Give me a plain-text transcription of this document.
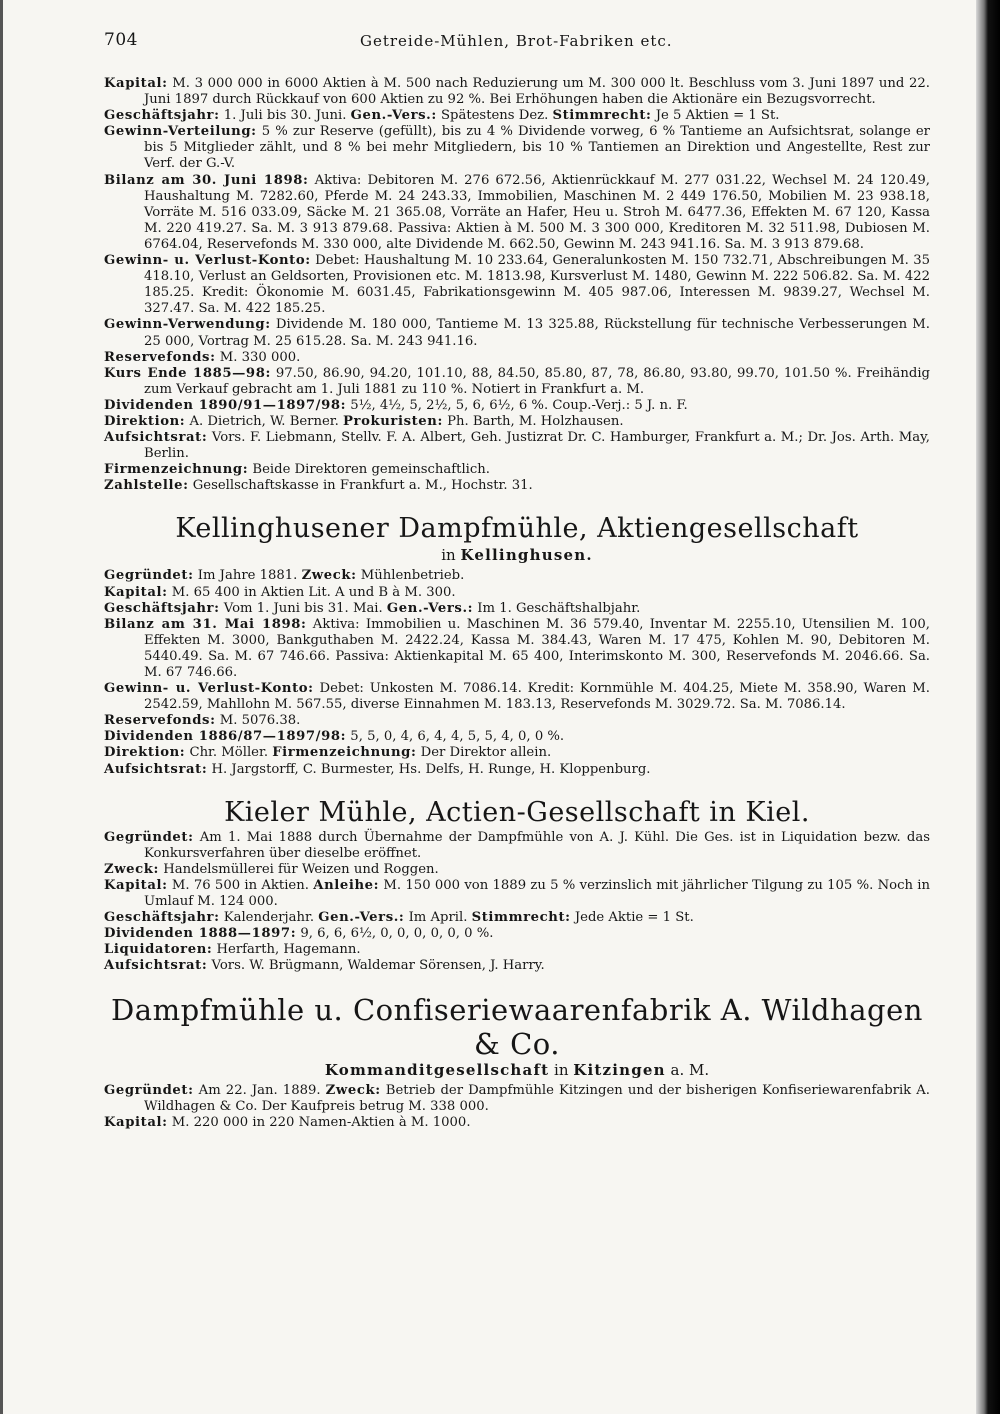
704	Getreide-Mühlen, Brot-Fabriken etc.

Kapital: M. 3 000 000 in 6000 Aktien à M. 500 nach Reduzierung um M. 300 000 lt. Beschluss vom 3. Juni 1897 und 22. Juni 1897 durch Rückkauf von 600 Aktien zu 92 %. Bei Erhöhungen haben die Aktionäre ein Bezugsvorrecht.

Geschäftsjahr: 1. Juli bis 30. Juni. Gen.-Vers.: Spätestens Dez. Stimmrecht: Je 5 Aktien = 1 St.

Gewinn-Verteilung: 5 % zur Reserve (gefüllt), bis zu 4 % Dividende vorweg, 6 % Tantieme an Aufsichtsrat, solange er bis 5 Mitglieder zählt, und 8 % bei mehr Mitgliedern, bis 10 % Tantiemen an Direktion und Angestellte, Rest zur Verf. der G.-V.

Bilanz am 30. Juni 1898: Aktiva: Debitoren M. 276 672.56, Aktienrückkauf M. 277 031.22, Wechsel M. 24 120.49, Haushaltung M. 7282.60, Pferde M. 24 243.33, Immobilien, Maschinen M. 2 449 176.50, Mobilien M. 23 938.18, Vorräte M. 516 033.09, Säcke M. 21 365.08, Vorräte an Hafer, Heu u. Stroh M. 6477.36, Effekten M. 67 120, Kassa M. 220 419.27. Sa. M. 3 913 879.68. Passiva: Aktien à M. 500 M. 3 300 000, Kreditoren M. 32 511.98, Dubiosen M. 6764.04, Reservefonds M. 330 000, alte Dividende M. 662.50, Gewinn M. 243 941.16. Sa. M. 3 913 879.68.

Gewinn- u. Verlust-Konto: Debet: Haushaltung M. 10 233.64, Generalunkosten M. 150 732.71, Abschreibungen M. 35 418.10, Verlust an Geldsorten, Provisionen etc. M. 1813.98, Kursverlust M. 1480, Gewinn M. 222 506.82. Sa. M. 422 185.25. Kredit: Ökonomie M. 6031.45, Fabrikationsgewinn M. 405 987.06, Interessen M. 9839.27, Wechsel M. 327.47. Sa. M. 422 185.25.

Gewinn-Verwendung: Dividende M. 180 000, Tantieme M. 13 325.88, Rückstellung für technische Verbesserungen M. 25 000, Vortrag M. 25 615.28. Sa. M. 243 941.16.

Reservefonds: M. 330 000.

Kurs Ende 1885—98: 97.50, 86.90, 94.20, 101.10, 88, 84.50, 85.80, 87, 78, 86.80, 93.80, 99.70, 101.50 %. Freihändig zum Verkauf gebracht am 1. Juli 1881 zu 110 %. Notiert in Frankfurt a. M.

Dividenden 1890/91—1897/98: 5½, 4½, 5, 2½, 5, 6, 6½, 6 %. Coup.-Verj.: 5 J. n. F.

Direktion: A. Dietrich, W. Berner. Prokuristen: Ph. Barth, M. Holzhausen.

Aufsichtsrat: Vors. F. Liebmann, Stellv. F. A. Albert, Geh. Justizrat Dr. C. Hamburger, Frankfurt a. M.; Dr. Jos. Arth. May, Berlin.

Firmenzeichnung: Beide Direktoren gemeinschaftlich.

Zahlstelle: Gesellschaftskasse in Frankfurt a. M., Hochstr. 31.

Kellinghusener Dampfmühle, Aktiengesellschaft
in Kellinghusen.

Gegründet: Im Jahre 1881. Zweck: Mühlenbetrieb.

Kapital: M. 65 400 in Aktien Lit. A und B à M. 300.

Geschäftsjahr: Vom 1. Juni bis 31. Mai. Gen.-Vers.: Im 1. Geschäftshalbjahr.

Bilanz am 31. Mai 1898: Aktiva: Immobilien u. Maschinen M. 36 579.40, Inventar M. 2255.10, Utensilien M. 100, Effekten M. 3000, Bankguthaben M. 2422.24, Kassa M. 384.43, Waren M. 17 475, Kohlen M. 90, Debitoren M. 5440.49. Sa. M. 67 746.66. Passiva: Aktienkapital M. 65 400, Interimskonto M. 300, Reservefonds M. 2046.66. Sa. M. 67 746.66.

Gewinn- u. Verlust-Konto: Debet: Unkosten M. 7086.14. Kredit: Kornmühle M. 404.25, Miete M. 358.90, Waren M. 2542.59, Mahllohn M. 567.55, diverse Einnahmen M. 183.13, Reservefonds M. 3029.72. Sa. M. 7086.14.

Reservefonds: M. 5076.38.

Dividenden 1886/87—1897/98: 5, 5, 0, 4, 6, 4, 4, 5, 5, 4, 0, 0 %.

Direktion: Chr. Möller. Firmenzeichnung: Der Direktor allein.

Aufsichtsrat: H. Jargstorff, C. Burmester, Hs. Delfs, H. Runge, H. Kloppenburg.

Kieler Mühle, Actien-Gesellschaft in Kiel.

Gegründet: Am 1. Mai 1888 durch Übernahme der Dampfmühle von A. J. Kühl. Die Ges. ist in Liquidation bezw. das Konkursverfahren über dieselbe eröffnet.

Zweck: Handelsmüllerei für Weizen und Roggen.

Kapital: M. 76 500 in Aktien. Anleihe: M. 150 000 von 1889 zu 5 % verzinslich mit jährlicher Tilgung zu 105 %. Noch in Umlauf M. 124 000.

Geschäftsjahr: Kalenderjahr. Gen.-Vers.: Im April. Stimmrecht: Jede Aktie = 1 St.

Dividenden 1888—1897: 9, 6, 6, 6½, 0, 0, 0, 0, 0, 0 %.

Liquidatoren: Herfarth, Hagemann.

Aufsichtsrat: Vors. W. Brügmann, Waldemar Sörensen, J. Harry.

Dampfmühle u. Confiseriewaarenfabrik A. Wildhagen & Co.
Kommanditgesellschaft in Kitzingen a. M.

Gegründet: Am 22. Jan. 1889. Zweck: Betrieb der Dampfmühle Kitzingen und der bisherigen Konfiseriewarenfabrik A. Wildhagen & Co. Der Kaufpreis betrug M. 338 000.

Kapital: M. 220 000 in 220 Namen-Aktien à M. 1000.
